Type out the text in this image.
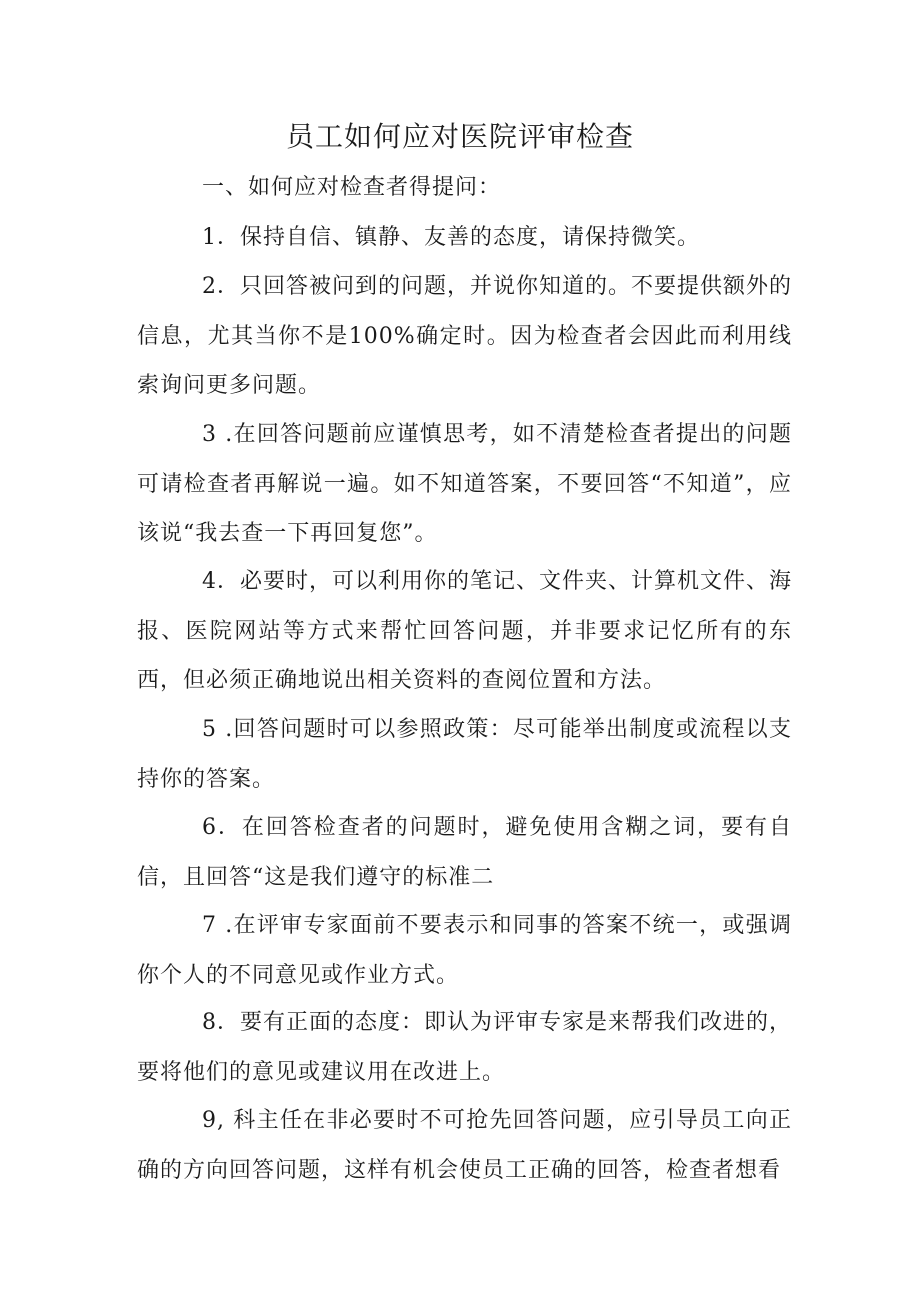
员工如何应对医院评审检查
一、如何应对检查者得提问：

1．保持自信、镇静、友善的态度，请保持微笑。

2．只回答被问到的问题，并说你知道的。不要提供额外的信息，尤其当你不是100%确定时。因为检查者会因此而利用线索询问更多问题。

3 .在回答问题前应谨慎思考，如不清楚检查者提出的问题可请检查者再解说一遍。如不知道答案，不要回答“不知道”，应该说“我去查一下再回复您”。

4．必要时，可以利用你的笔记、文件夹、计算机文件、海报、医院网站等方式来帮忙回答问题，并非要求记忆所有的东西，但必须正确地说出相关资料的查阅位置和方法。

5 .回答问题时可以参照政策：尽可能举出制度或流程以支持你的答案。

6．在回答检查者的问题时，避免使用含糊之词，要有自信，且回答“这是我们遵守的标准二

7 .在评审专家面前不要表示和同事的答案不统一，或强调你个人的不同意见或作业方式。

8．要有正面的态度：即认为评审专家是来帮我们改进的，要将他们的意见或建议用在改进上。

9, 科主任在非必要时不可抢先回答问题，应引导员工向正确的方向回答问题，这样有机会使员工正确的回答，检查者想看
